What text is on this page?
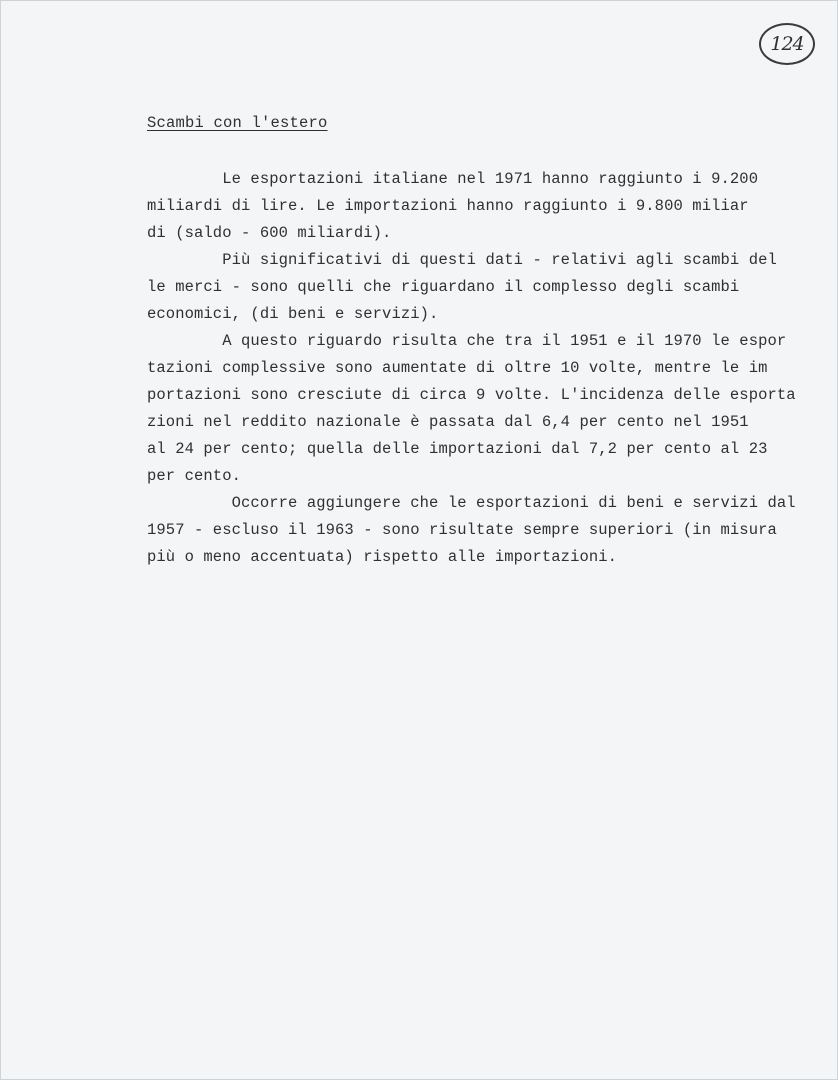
124
Scambi con l'estero
Le esportazioni italiane nel 1971 hanno raggiunto i 9.200
miliardi di lire. Le importazioni hanno raggiunto i 9.800 miliar
di (saldo - 600 miliardi).
Più significativi di questi dati - relativi agli scambi del
le merci - sono quelli che riguardano il complesso degli scambi
economici, (di beni e servizi).
A questo riguardo risulta che tra il 1951 e il 1970 le espor
tazioni complessive sono aumentate di oltre 10 volte, mentre le im
portazioni sono cresciute di circa 9 volte. L'incidenza delle esporta
zioni nel reddito nazionale è passata dal 6,4 per cento nel 1951
al 24 per cento; quella delle importazioni dal 7,2 per cento al 23
per cento.
Occorre aggiungere che le esportazioni di beni e servizi dal
1957 - escluso il 1963 - sono risultate sempre superiori (in misura
più o meno accentuata) rispetto alle importazioni.
